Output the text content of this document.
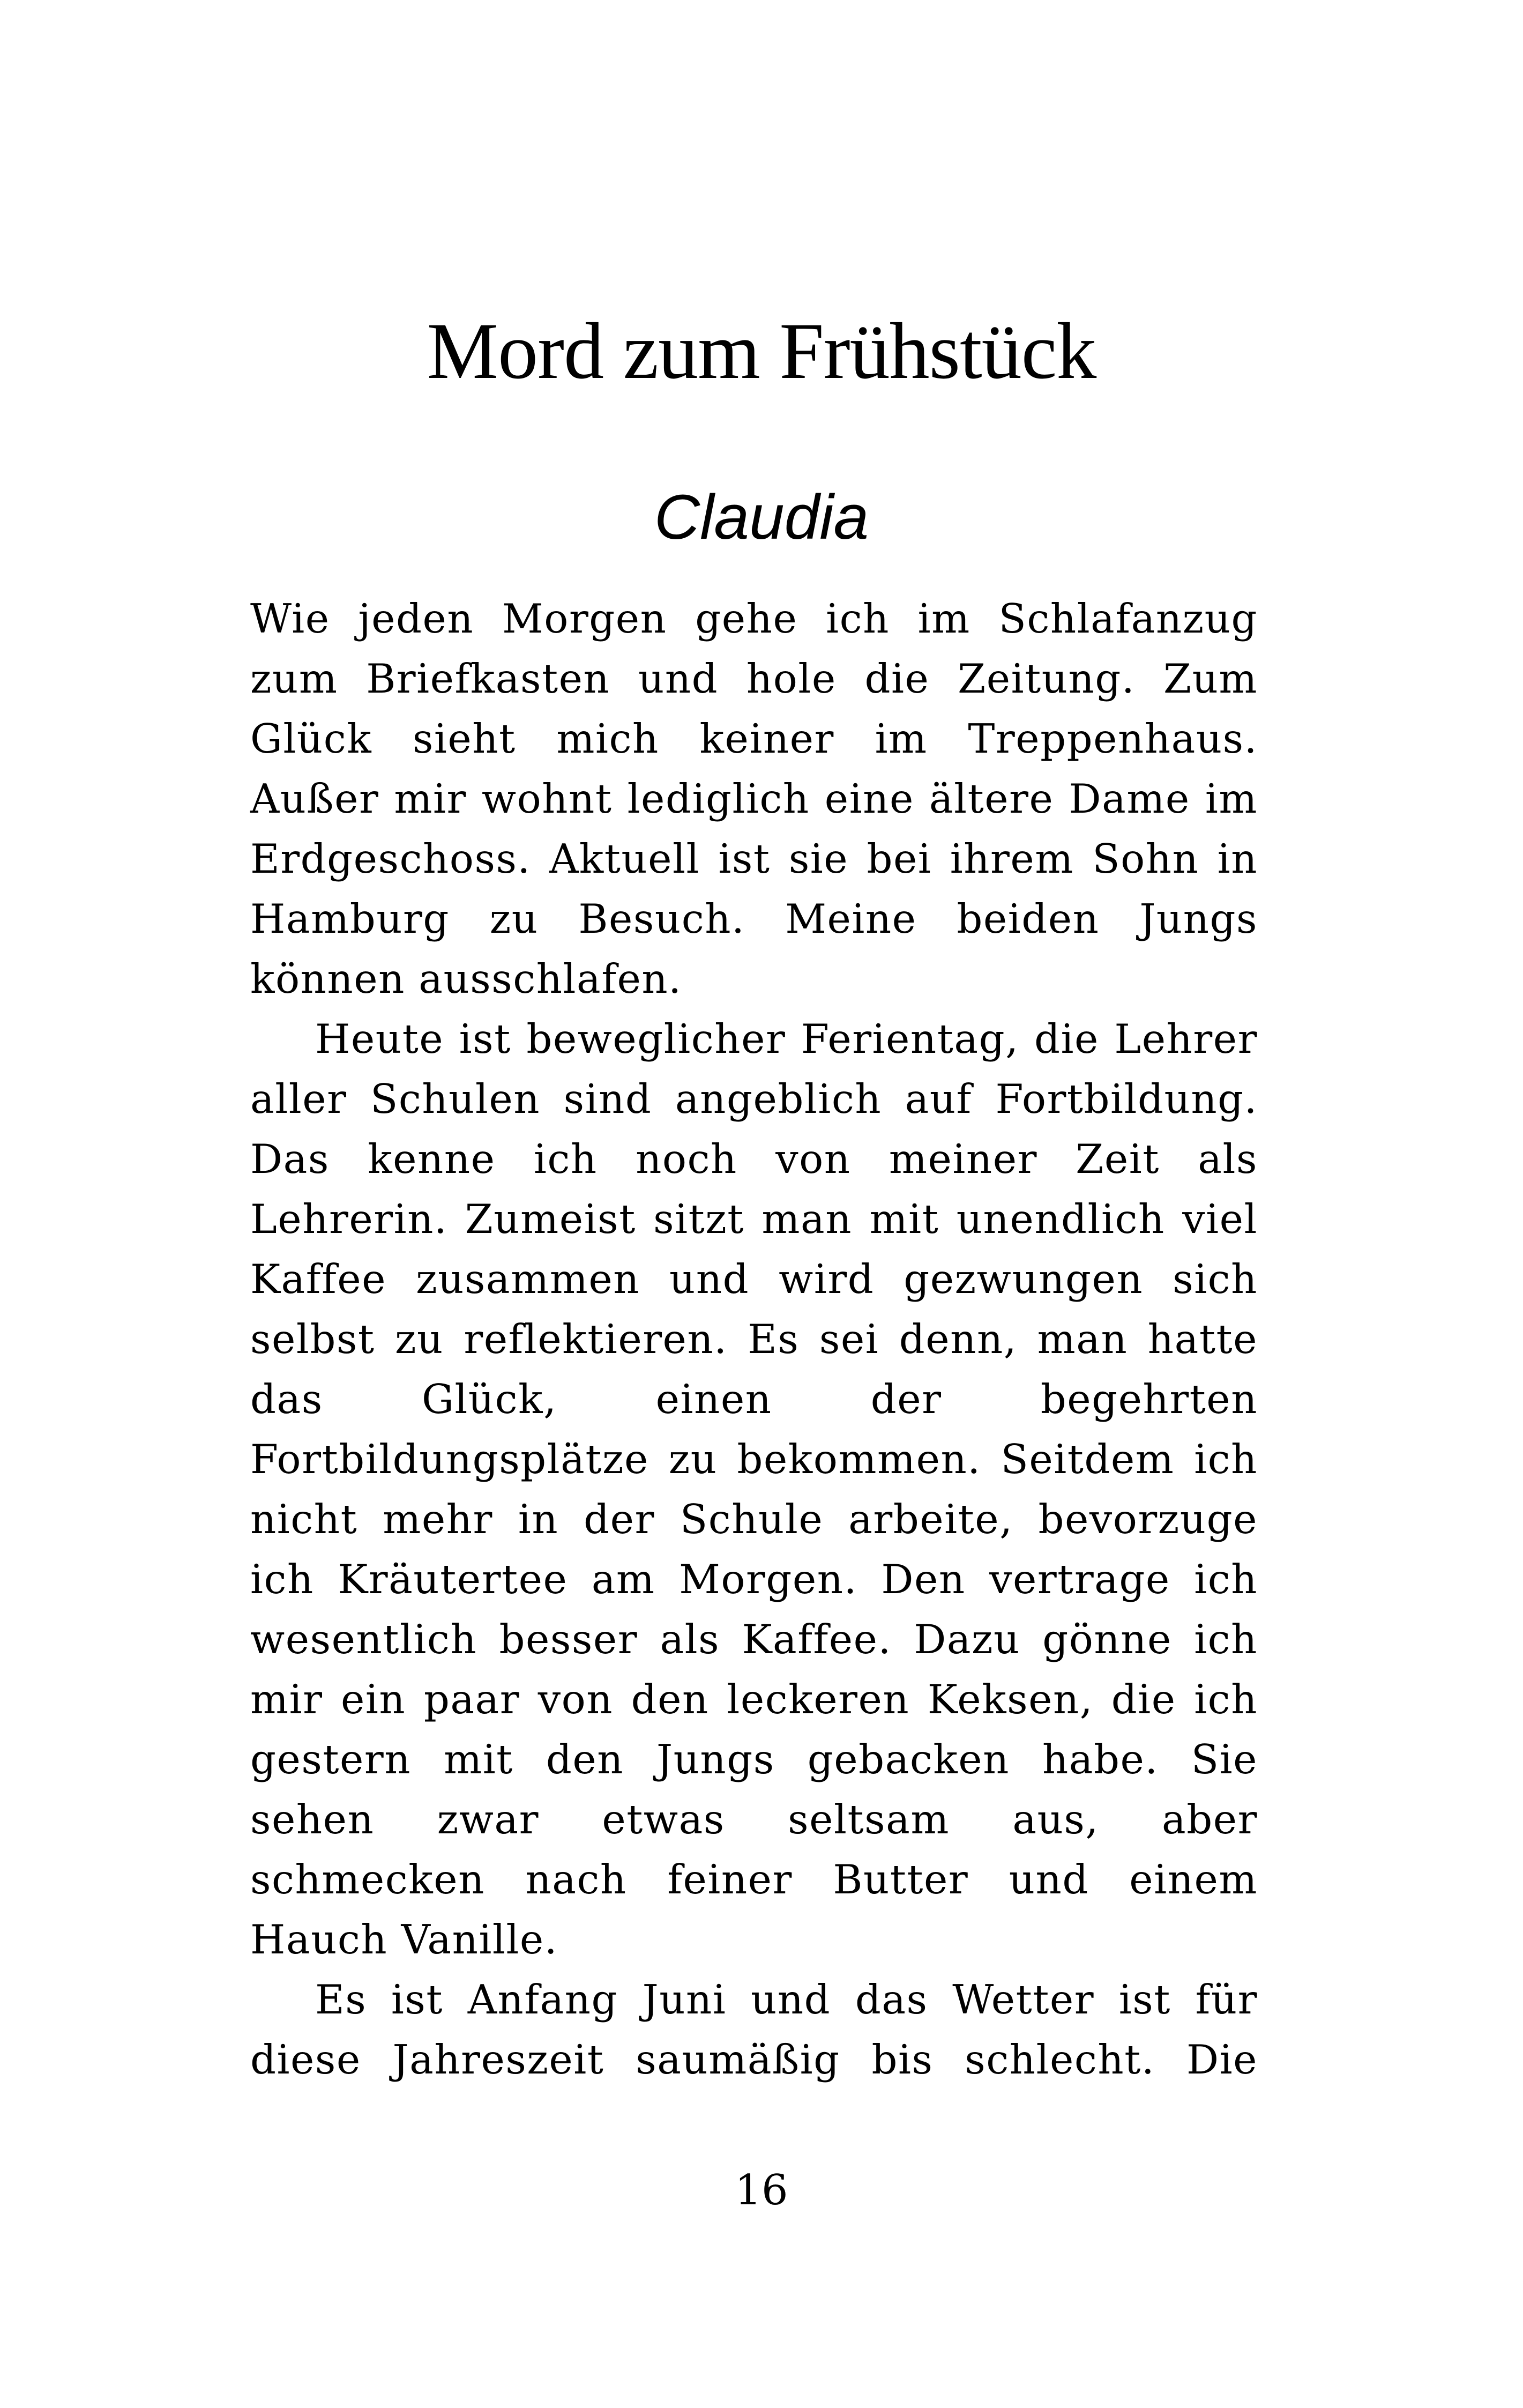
Mord zum Frühstück
Claudia

Wie jeden Morgen gehe ich im Schlafanzug zum Briefkasten und hole die Zeitung. Zum Glück sieht mich keiner im Treppenhaus. Außer mir wohnt lediglich eine ältere Dame im Erdgeschoss. Aktuell ist sie bei ihrem Sohn in Hamburg zu Besuch. Meine beiden Jungs können ausschlafen.

Heute ist beweglicher Ferientag, die Lehrer aller Schulen sind angeblich auf Fortbildung. Das kenne ich noch von meiner Zeit als Lehrerin. Zumeist sitzt man mit unendlich viel Kaffee zusammen und wird gezwungen sich selbst zu reflektieren. Es sei denn, man hatte das Glück, einen der begehrten Fortbildungsplätze zu bekommen. Seitdem ich nicht mehr in der Schule arbeite, bevorzuge ich Kräutertee am Morgen. Den vertrage ich wesentlich besser als Kaffee. Dazu gönne ich mir ein paar von den leckeren Keksen, die ich gestern mit den Jungs gebacken habe. Sie sehen zwar etwas seltsam aus, aber schmecken nach feiner Butter und einem Hauch Vanille.

Es ist Anfang Juni und das Wetter ist für diese Jahreszeit saumäßig bis schlecht. Die

16
